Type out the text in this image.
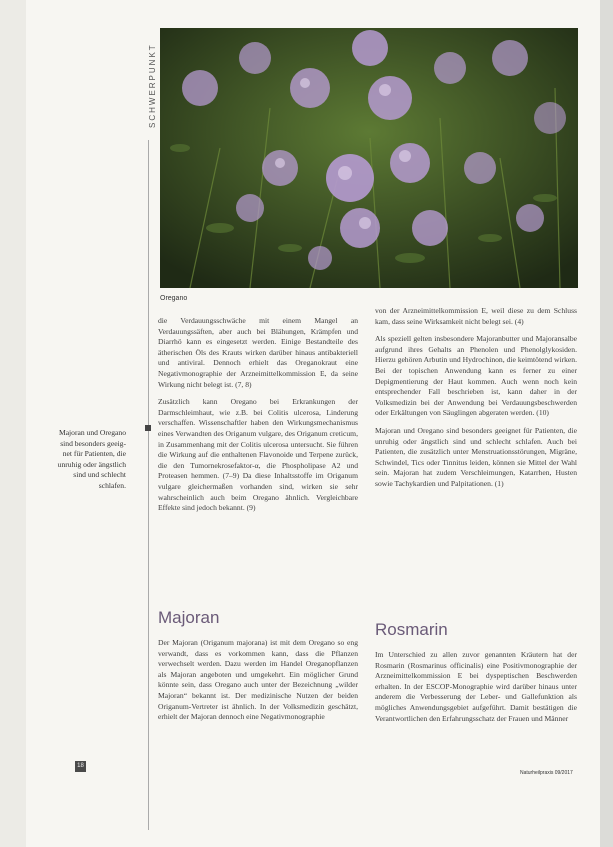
SCHWERPUNKT
Oregano
Majoran und Oregano sind besonders geeig- net für Patienten, die unruhig oder ängstlich sind und schlecht schlafen.

die Verdauungsschwäche mit einem Mangel an Verdauungssäften, aber auch bei Blähungen, Krämpfen und Diarrhö kann es eingesetzt werden. Einige Bestandteile des ätherischen Öls des Krauts wirken darüber hinaus antibakteriell und antiviral. Dennoch erhielt das Oreganokraut eine Negativmonographie der Arzneimittelkommission E, da seine Wirkung nicht belegt ist. (7, 8)

Zusätzlich kann Oregano bei Erkrankungen der Darmschleimhaut, wie z.B. bei Colitis ulcerosa, Linderung verschaffen. Wissenschaftler haben den Wirkungsmechanismus eines Verwandten des Origanum vulgare, des Origanum creticum, in Zusammenhang mit der Colitis ulcerosa untersucht. Sie führen die Wirkung auf die enthaltenen Flavonoide und Terpene zurück, die den Tumornekrosefaktor-α, die Phospholipase A2 und Proteasen hemmen. (7–9) Da diese Inhaltsstoffe im Origanum vulgare gleichermaßen vorhanden sind, wirken sie sehr wahrscheinlich auch beim Oregano ähnlich. Vergleichbare Effekte sind jedoch bekannt. (9)

Majoran

Der Majoran (Origanum majorana) ist mit dem Oregano so eng verwandt, dass es vorkommen kann, dass die Pflanzen verwechselt werden. Dazu werden im Handel Oreganopflanzen als Majoran angeboten und umgekehrt. Ein möglicher Grund könnte sein, dass Oregano auch unter der Bezeichnung „wilder Majoran“ bekannt ist. Der medizinische Nutzen der beiden Origanum-Vertreter ist ähnlich. In der Volksmedizin geschätzt, erhielt der Majoran dennoch eine Negativmonographie

von der Arzneimittelkommission E, weil diese zu dem Schluss kam, dass seine Wirksamkeit nicht belegt sei. (4)

Als speziell gelten insbesondere Majoranbutter und Majoransalbe aufgrund ihres Gehalts an Phenolen und Phenolglykosiden. Hierzu gehören Arbutin und Hydrochinon, die keimtötend wirken. Bei der topischen Anwendung kann es ferner zu einer Depigmentierung der Haut kommen. Auch wenn noch kein entsprechender Fall beschrieben ist, kann daher in der Volksmedizin bei der Anwendung bei Verdauungsbeschwerden oder Erkältungen von Säuglingen abgeraten werden. (10)

Majoran und Oregano sind besonders geeignet für Patienten, die unruhig oder ängstlich sind und schlecht schlafen. Auch bei Patienten, die zusätzlich unter Menstruationsstörungen, Migräne, Schwindel, Tics oder Tinnitus leiden, können sie Mittel der Wahl sein. Majoran hat zudem Verschleimungen, Katarrhen, Husten sowie Tachykardien und Palpitationen. (1)

Rosmarin

Im Unterschied zu allen zuvor genannten Kräutern hat der Rosmarin (Rosmarinus officinalis) eine Positivmonographie der Arzneimittelkommission E bei dyspeptischen Beschwerden erhalten. In der ESCOP-Monographie wird darüber hinaus unter anderem die Verbesserung der Leber- und Gallefunktion als mögliches Anwendungsgebiet aufgeführt. Damit bestätigen die Verantwortlichen den Erfahrungsschatz der Frauen und Männer

18
Naturheilpraxis 09/2017
